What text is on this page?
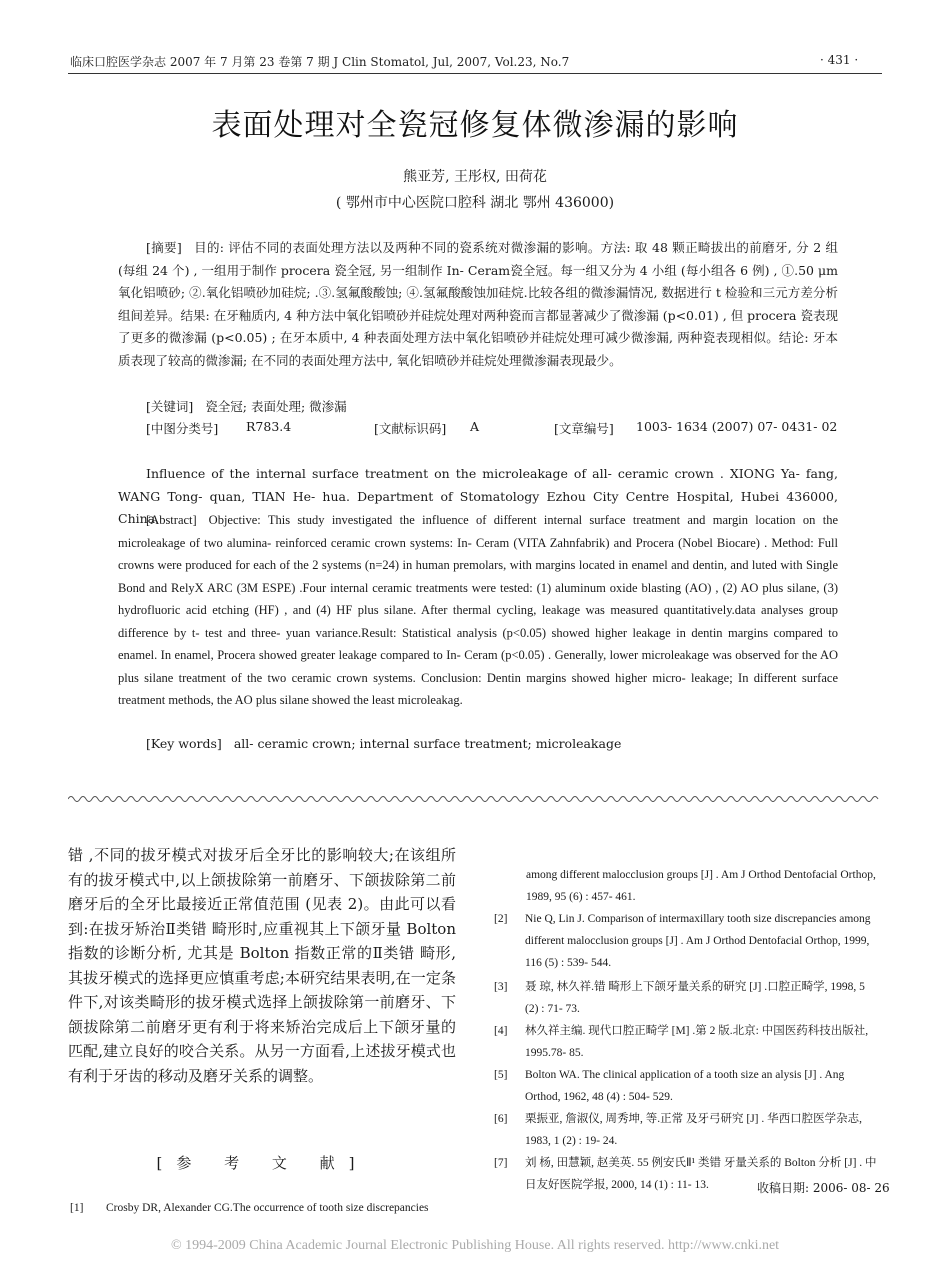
临床口腔医学杂志 2007 年 7 月第 23 卷第 7 期 J Clin Stomatol, Jul, 2007, Vol.23, No.7	· 431 ·
表面处理对全瓷冠修复体微渗漏的影响
熊亚芳, 王彤权, 田荷花
( 鄂州市中心医院口腔科 湖北 鄂州 436000)
[摘要] 目的: 评估不同的表面处理方法以及两种不同的瓷系统对微渗漏的影响。方法: 取 48 颗正畸拔出的前磨牙, 分 2 组 (每组 24 个) , 一组用于制作 procera 瓷全冠, 另一组制作 In- Ceram瓷全冠。每一组又分为 4 小组 (每小组各 6 例) , ①.50 μm 氧化铝喷砂; ②.氧化铝喷砂加硅烷; .③.氢氟酸酸蚀; ④.氢氟酸酸蚀加硅烷.比较各组的微渗漏情况, 数据进行 t 检验和三元方差分析组间差异。结果: 在牙釉质内, 4 种方法中氧化铝喷砂并硅烷处理对两种瓷而言都显著减少了微渗漏 (p<0.01) , 但 procera 瓷表现了更多的微渗漏 (p<0.05) ; 在牙本质中, 4 种表面处理方法中氧化铝喷砂并硅烷处理可减少微渗漏, 两种瓷表现相似。结论: 牙本质表现了较高的微渗漏; 在不同的表面处理方法中, 氧化铝喷砂并硅烷处理微渗漏表现最少。
[关键词] 瓷全冠; 表面处理; 微渗漏
[中图分类号] R783.4	[文献标识码] A	[文章编号] 1003- 1634 (2007) 07- 0431- 02
Influence of the internal surface treatment on the microleakage of all- ceramic crown . XIONG Ya- fang, WANG Tong- quan, TIAN He- hua. Department of Stomatology Ezhou City Centre Hospital, Hubei 436000, China.
[Abstract] Objective: This study investigated the influence of different internal surface treatment and margin location on the microleakage of two alumina- reinforced ceramic crown systems: In- Ceram (VITA Zahnfabrik) and Procera (Nobel Biocare) . Method: Full crowns were produced for each of the 2 systems (n=24) in human premolars, with margins located in enamel and dentin, and luted with Single Bond and RelyX ARC (3M ESPE) .Four internal ceramic treatments were tested: (1) aluminum oxide blasting (AO) , (2) AO plus silane, (3) hydrofluoric acid etching (HF) , and (4) HF plus silane. After thermal cycling, leakage was measured quantitatively.data analyses group difference by t- test and three- yuan variance.Result: Statistical analysis (p<0.05) showed higher leakage in dentin margins compared to enamel. In enamel, Procera showed greater leakage compared to In- Ceram (p<0.05) . Generally, lower microleakage was observed for the AO plus silane treatment of the two ceramic crown systems. Conclusion: Dentin margins showed higher micro- leakage; In different surface treatment methods, the AO plus silane showed the least microleakag.
[Key words] all- ceramic crown; internal surface treatment; microleakage
错 ,不同的拔牙模式对拔牙后全牙比的影响较大;在该组所有的拔牙模式中,以上颌拔除第一前磨牙、下颌拔除第二前磨牙后的全牙比最接近正常值范围 (见表 2)。由此可以看到:在拔牙矫治Ⅱ类错 畸形时,应重视其上下颌牙量 Bolton 指数的诊断分析, 尤其是 Bolton 指数正常的Ⅱ类错 畸形, 其拔牙模式的选择更应慎重考虑;本研究结果表明,在一定条件下,对该类畸形的拔牙模式选择上颌拔除第一前磨牙、下颌拔除第二前磨牙更有利于将来矫治完成后上下颌牙量的匹配,建立良好的咬合关系。从另一方面看,上述拔牙模式也有利于牙齿的移动及磨牙关系的调整。
[参 考 文 献]
[1] Crosby DR, Alexander CG.The occurrence of tooth size discrepancies
among different malocclusion groups [J] . Am J Orthod Dentofacial Orthop, 1989, 95 (6) : 457- 461.
[2] Nie Q, Lin J. Comparison of intermaxillary tooth size discrepancies among different malocclusion groups [J] . Am J Orthod Dentofacial Orthop, 1999, 116 (5) : 539- 544.
[3] 聂 琼, 林久祥.错 畸形上下颌牙量关系的研究 [J] .口腔正畸学, 1998, 5 (2) : 71- 73.
[4] 林久祥主编. 现代口腔正畸学 [M] .第 2 版.北京: 中国医药科技出版社, 1995.78- 85.
[5] Bolton WA. The clinical application of a tooth size an alysis [J] . Ang Orthod, 1962, 48 (4) : 504- 529.
[6] 栗振亚, 詹淑仪, 周秀坤, 等.正常 及牙弓研究 [J] . 华西口腔医学杂志, 1983, 1 (2) : 19- 24.
[7] 刘 杨, 田慧颖, 赵美英. 55 例安氏Ⅱ¹ 类错 牙量关系的 Bolton 分析 [J] . 中日友好医院学报, 2000, 14 (1) : 11- 13.	收稿日期: 2006- 08- 26
© 1994-2009 China Academic Journal Electronic Publishing House. All rights reserved. http://www.cnki.net
